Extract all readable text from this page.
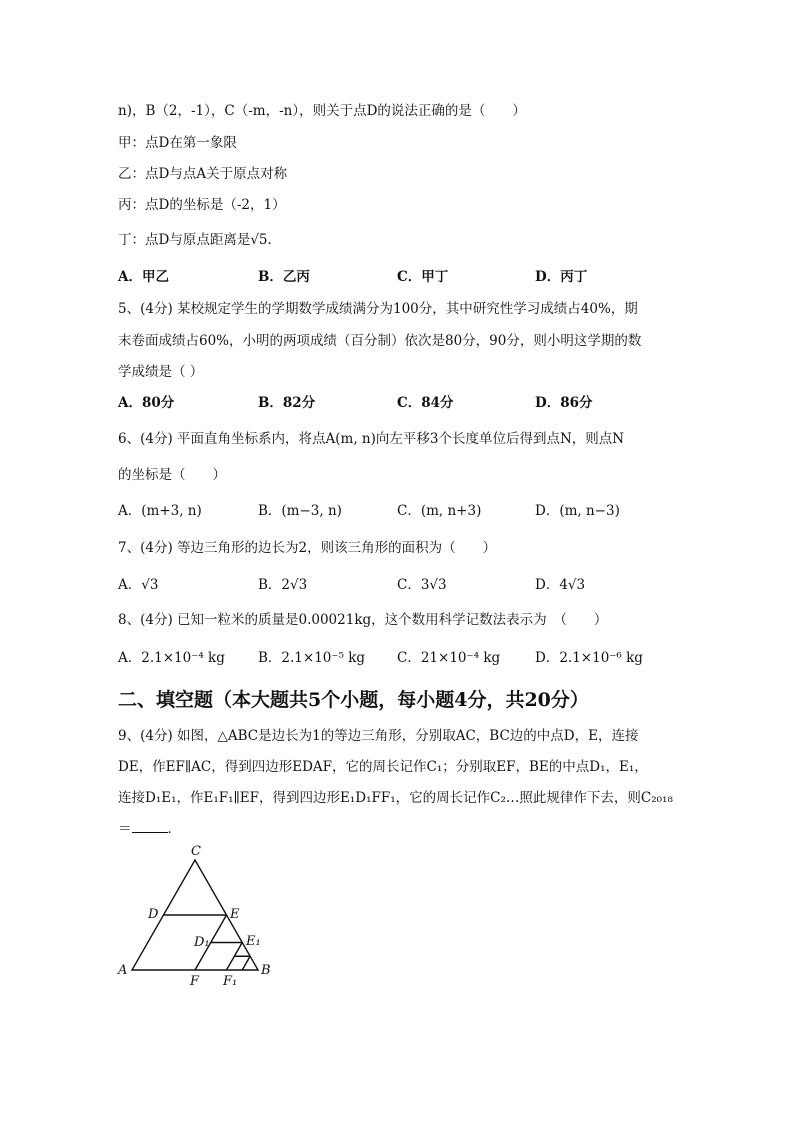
n)，B（2，-1），C（-m，-n），则关于点D的说法正确的是（　　）
甲：点D在第一象限
乙：点D与点A关于原点对称
丙：点D的坐标是（-2，1）
丁：点D与原点距离是√5．
A．甲乙	B．乙丙	C．甲丁	D．丙丁
5、(4分) 某校规定学生的学期数学成绩满分为100分，其中研究性学习成绩占40%，期
末卷面成绩占60%，小明的两项成绩（百分制）依次是80分，90分，则小明这学期的数
学成绩是（ ）
A．80分	B．82分	C．84分	D．86分
6、(4分) 平面直角坐标系内，将点A(m, n)向左平移3个长度单位后得到点N，则点N
的坐标是（　　）
A．(m+3, n)	B．(m−3, n)	C．(m, n+3)	D．(m, n−3)
7、(4分) 等边三角形的边长为2，则该三角形的面积为（　　）
A．√3	B．2√3	C．3√3	D．4√3
8、(4分) 已知一粒米的质量是0.00021kg，这个数用科学记数法表示为　（　　）
A．2.1×10⁻⁴ kg B．2.1×10⁻⁵ kg C．21×10⁻⁴ kg	D．2.1×10⁻⁶ kg
二、填空题（本大题共5个小题，每小题4分，共20分）
9、(4分) 如图，△ABC是边长为1的等边三角形，分别取AC，BC边的中点D，E，连接
DE，作EF∥AC，得到四边形EDAF，它的周长记作C₁；分别取EF，BE的中点D₁，E₁，
连接D₁E₁，作E₁F₁∥EF，得到四边形E₁D₁FF₁，它的周长记作C₂…照此规律作下去，则C₂₀₁₈
＝	．
C
D	E
D₁	E₁
A
F F₁
B
